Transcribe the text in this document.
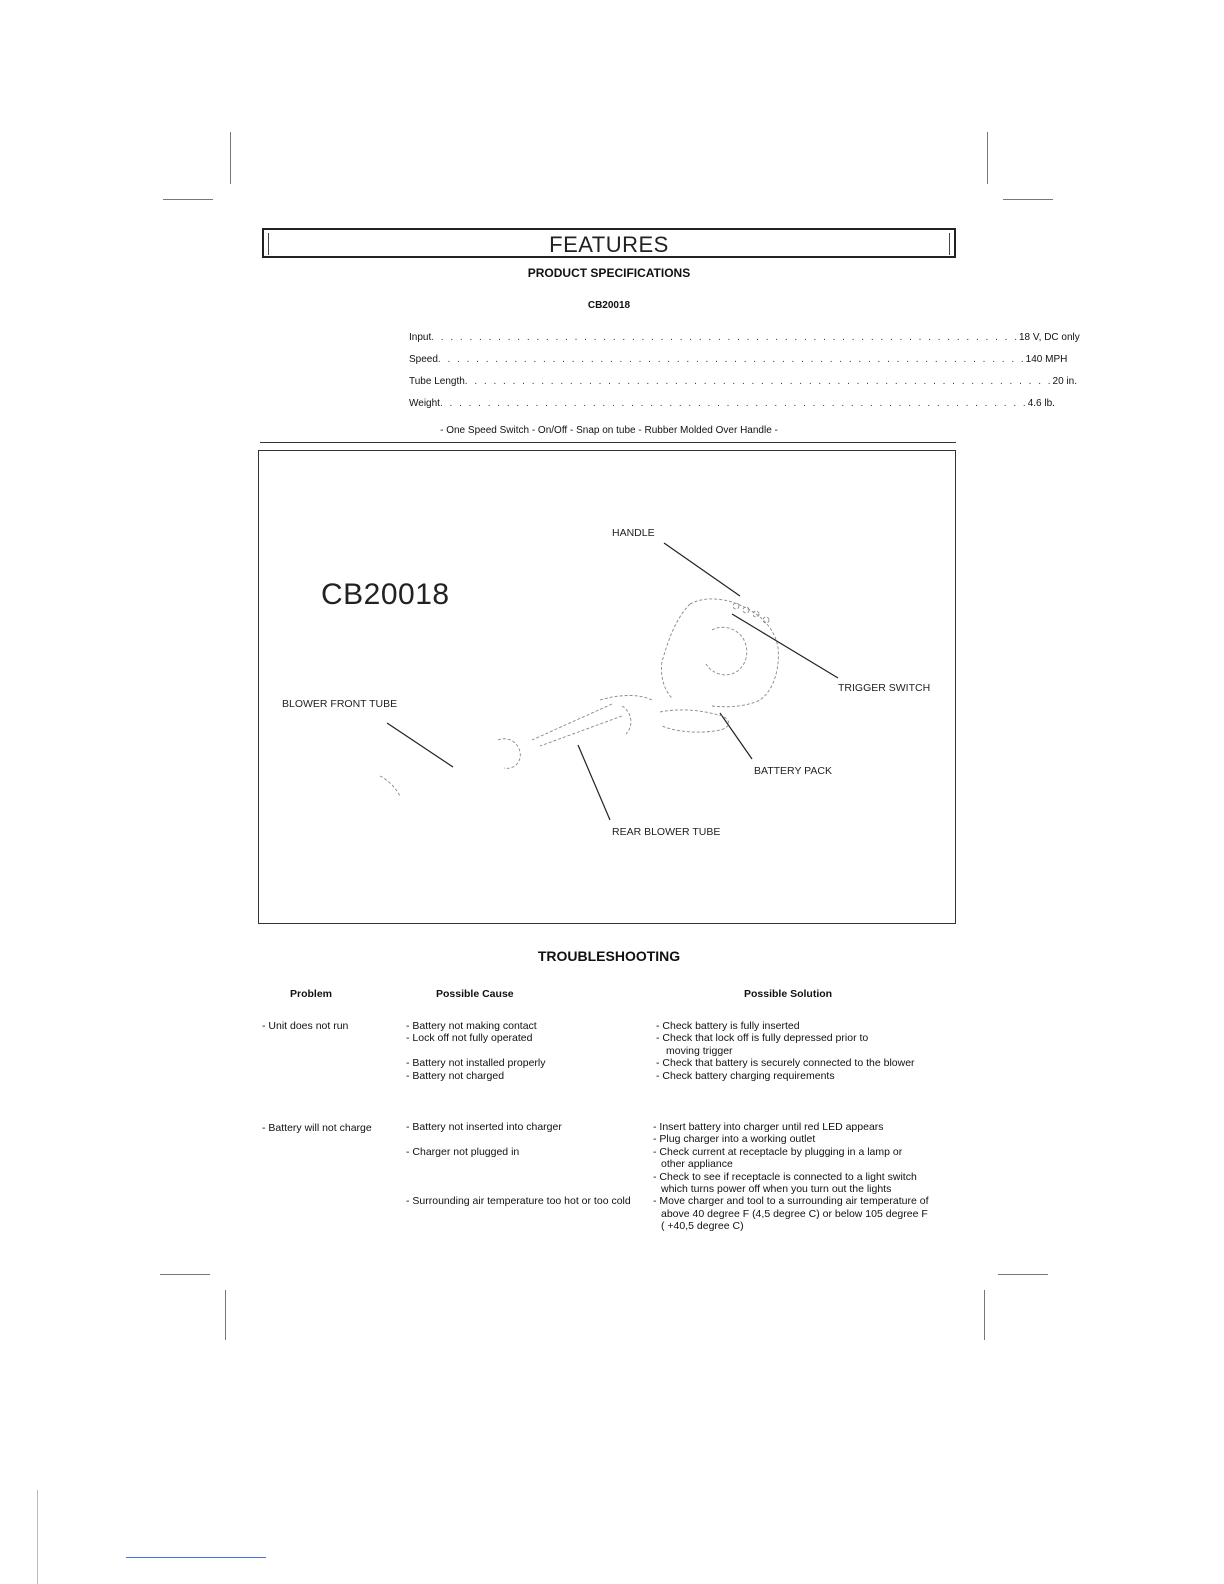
FEATURES
PRODUCT SPECIFICATIONS
CB20018
Input . . . . . . . . . . . . . . . . . . . . . . . . . . . . . . . . . . . . . . . . . . . . . . . . . . . . . . . . . . . . . . 18 V, DC only
Speed . . . . . . . . . . . . . . . . . . . . . . . . . . . . . . . . . . . . . . . . . . . . . . . . . . . . . . . . . . . . . . 140 MPH
Tube Length . . . . . . . . . . . . . . . . . . . . . . . . . . . . . . . . . . . . . . . . . . . . . . . . . . . . . . . . . . . . . . 20 in.
Weight . . . . . . . . . . . . . . . . . . . . . . . . . . . . . . . . . . . . . . . . . . . . . . . . . . . . . . . . . . . . . . 4.6 lb.
- One Speed Switch - On/Off - Snap on tube - Rubber Molded Over Handle -
CB20018
HANDLE
TRIGGER SWITCH
BLOWER FRONT TUBE
BATTERY PACK
REAR BLOWER TUBE
TROUBLESHOOTING
Problem	Possible Cause	Possible Solution
- Unit does not run
- Battery will not charge
- Battery not making contact
- Lock off not fully operated
- Battery not installed properly
- Battery not charged
- Battery not inserted into charger
- Charger not plugged in
- Surrounding air temperature too hot or too cold
- Check battery is fully inserted
- Check that lock off is fully depressed prior to
moving trigger
- Check that battery is securely connected to the blower
- Check battery charging requirements
- Insert battery into charger until red LED appears
- Plug charger into a working outlet
- Check current at receptacle by plugging in a lamp or
other appliance
- Check to see if receptacle is connected to a light switch
which turns power off when you turn out the lights
- Move charger and tool to a surrounding air temperature of
above 40 degree F (4,5 degree C) or below 105 degree F
( +40,5 degree C)
